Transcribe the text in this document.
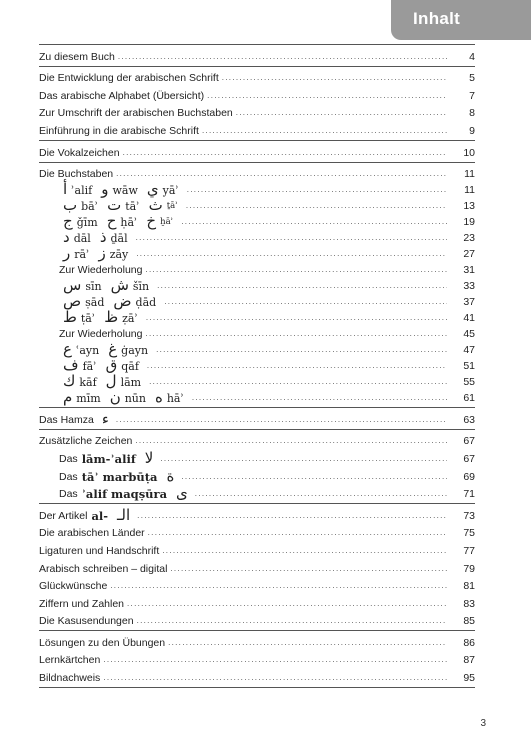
Inhalt
Zu diesem Buch .....	4
Die Entwicklung der arabischen Schrift .....	5
Das arabische Alphabet (Übersicht) .....	7
Zur Umschrift der arabischen Buchstaben .....	8
Einführung in die arabische Schrift .....	9
Die Vokalzeichen .....	10
Die Buchstaben .....	11
أ ʾalif و wāw ي yāʾ .....	11
ب bāʾ ت tāʾ ث ṯāʾ .....	13
ج ǧīm ح ḥāʾ خ ḫāʾ .....	19
د dāl ذ ḏāl .....	23
ر rāʾ ز zāy .....	27
Zur Wiederholung .....	31
س sīn ش šīn .....	33
ص ṣād ض ḍād .....	37
ط ṭāʾ ظ ẓāʾ .....	41
Zur Wiederholung .....	45
ع ʿayn غ ġayn .....	47
ف fāʾ ق qāf .....	51
ك kāf ل lām .....	55
م mīm ن nūn ه hāʾ .....	61
Das Hamza ء .....	63
Zusätzliche Zeichen .....	67
Das lām-ʾalif لا .....	67
Das tāʾ marbūṭa ة .....	69
Das ʾalif maqṣūra ى .....	71
Der Artikel al- الـ .....	73
Die arabischen Länder .....	75
Ligaturen und Handschrift .....	77
Arabisch schreiben – digital .....	79
Glückwünsche .....	81
Ziffern und Zahlen .....	83
Die Kasusendungen .....	85
Lösungen zu den Übungen .....	86
Lernkärtchen .....	87
Bildnachweis .....	95
3
